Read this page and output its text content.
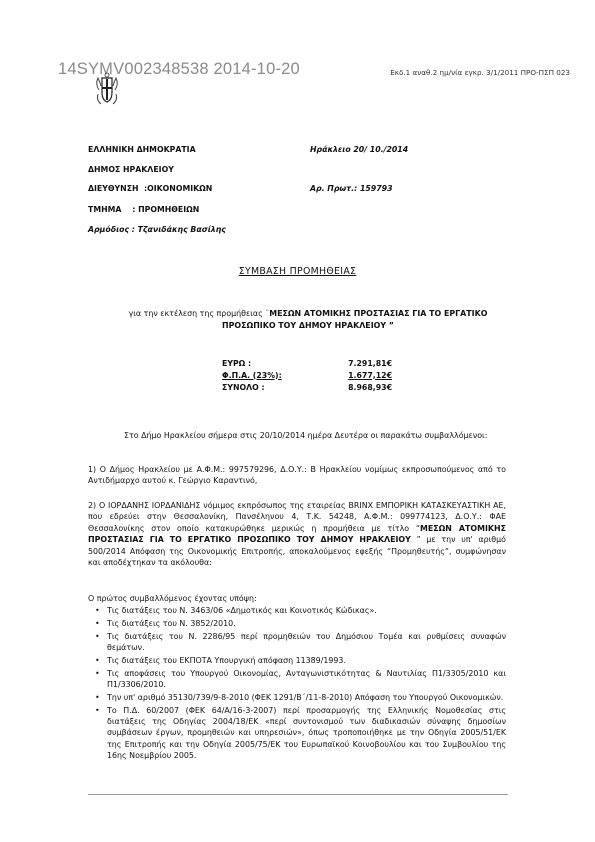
14SYMV002348538 2014-10-20	Εκδ.1 αναθ.2 ημ/νία εγκρ. 3/1/2011 ΠΡΟ-ΠΣΠ 023
ΕΛΛΗΝΙΚΗ ΔΗΜΟΚΡΑΤΙΑ
ΔΗΜΟΣ ΗΡΑΚΛΕΙΟΥ
ΔΙΕΥΘΥΝΣΗ  :ΟΙΚΟΝΟΜΙΚΩΝ
ΤΜΗΜΑ    : ΠΡΟΜΗΘΕΙΩΝ
Αρμόδιος : Τζανιδάκης Βασίλης
Ηράκλειο 20/ 10./2014
Αρ. Πρωτ.: 159793
ΣΥΜΒΑΣΗ ΠΡΟΜΗΘΕΙΑΣ
για την εκτέλεση της προμήθειας ¨ΜΕΣΩΝ ΑΤΟΜΙΚΗΣ ΠΡΟΣΤΑΣΙΑΣ ΓΙΑ ΤΟ ΕΡΓΑΤΙΚΟ ΠΡΟΣΩΠΙΚΟ ΤΟΥ ΔΗΜΟΥ ΗΡΑΚΛΕΙΟΥ ”
ΕΥΡΩ :	7.291,81€
Φ.Π.Α. (23%):	1.677,12€
ΣΥΝΟΛΟ :	8.968,93€
Στο Δήμο Ηρακλείου σήμερα στις 20/10/2014 ημέρα Δευτέρα οι παρακάτω συμβαλλόμενοι:
1) Ο Δήμος Ηρακλείου με Α.Φ.Μ.: 997579296, Δ.Ο.Υ.: Β Ηρακλείου νομίμως εκπροσωπούμενος από το Αντιδήμαρχο αυτού κ. Γεώργιο Καραντινό,
2) Ο ΙΟΡΔΑΝΗΣ ΙΟΡΔΑΝΙΔΗΣ νόμιμος εκπρόσωπος της εταιρείας BRINX ΕΜΠΟΡΙΚΗ ΚΑΤΑΣΚΕΥΑΣΤΙΚΗ ΑΕ, που εδρεύει στην Θεσσαλονίκη, Πανσέληνου 4, Τ.Κ. 54248, Α.Φ.Μ.: 099774123, Δ.Ο.Υ.: ΦΑΕ Θεσσαλονίκης στον οποίο κατακυρώθηκε μερικώς η προμήθεια με τίτλο “ΜΕΣΩΝ ΑΤΟΜΙΚΗΣ ΠΡΟΣΤΑΣΙΑΣ ΓΙΑ ΤΟ ΕΡΓΑΤΙΚΟ ΠΡΟΣΩΠΙΚΟ ΤΟΥ ΔΗΜΟΥ ΗΡΑΚΛΕΙΟΥ ” με την υπ' αριθμό 500/2014 Απόφαση της Οικονομικής Επιτροπής, αποκαλούμενος εφεξής “Προμηθευτής”, συμφώνησαν και αποδέχτηκαν τα ακόλουθα:
Ο πρώτος συμβαλλόμενος έχοντας υπόψη:
• Τις διατάξεις του Ν. 3463/06 «Δημοτικός και Κοινοτικός Κώδικας».
• Τις διατάξεις του Ν. 3852/2010.
• Τις διατάξεις του Ν. 2286/95 περί προμηθειών του Δημόσιου Τομέα και ρυθμίσεις συναφών θεμάτων.
• Τις διατάξεις του ΕΚΠΟΤΑ Υπουργική απόφαση 11389/1993.
• Τις αποφάσεις του Υπουργού Οικονομίας, Ανταγωνιστικότητας & Ναυτιλίας Π1/3305/2010 και Π1/3306/2010.
• Την υπ' αριθμό 35130/739/9-8-2010 (ΦΕΚ 1291/Β΄/11-8-2010) Απόφαση του Υπουργού Οικονομικών.
• Το Π.Δ. 60/2007 (ΦΕΚ 64/Α/16-3-2007) περί προσαρμογής της Ελληνικής Νομοθεσίας στις διατάξεις της Οδηγίας 2004/18/ΕΚ «περί συντονισμού των διαδικασιών σύναψης δημοσίων συμβάσεων έργων, προμηθειών και υπηρεσιών», όπως τροποποιήθηκε με την Οδηγία 2005/51/ΕΚ της Επιτροπής και την Οδηγία 2005/75/ΕΚ του Ευρωπαϊκού Κοινοβουλίου και του Συμβουλίου της 16ης Νοεμβρίου 2005.
